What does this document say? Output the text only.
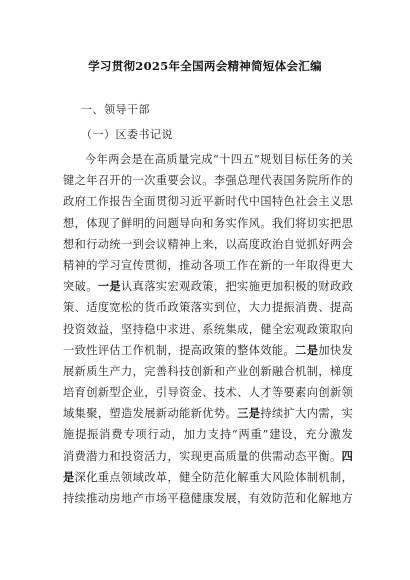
学习贯彻2025年全国两会精神简短体会汇编
一、领导干部
（一）区委书记说
今年两会是在高质量完成“十四五”规划目标任务的关
键之年召开的一次重要会议。李强总理代表国务院所作的
政府工作报告全面贯彻习近平新时代中国特色社会主义思
想，体现了鲜明的问题导向和务实作风。我们将切实把思
想和行动统一到会议精神上来，以高度政治自觉抓好两会
精神的学习宣传贯彻，推动各项工作在新的一年取得更大
突破。一是认真落实宏观政策，把实施更加积极的财政政
策、适度宽松的货币政策落实到位，大力提振消费、提高
投资效益，坚持稳中求进、系统集成，健全宏观政策取向
一致性评估工作机制，提高政策的整体效能。二是加快发
展新质生产力，完善科技创新和产业创新融合机制，梯度
培育创新型企业，引导资金、技术、人才等要素向创新领
域集聚，塑造发展新动能新优势。三是持续扩大内需，实
施提振消费专项行动，加力支持“两重”建设，充分激发
消费潜力和投资活力，实现更高质量的供需动态平衡。四
是深化重点领域改革，健全防范化解重大风险体制机制，
持续推动房地产市场平稳健康发展，有效防范和化解地方
